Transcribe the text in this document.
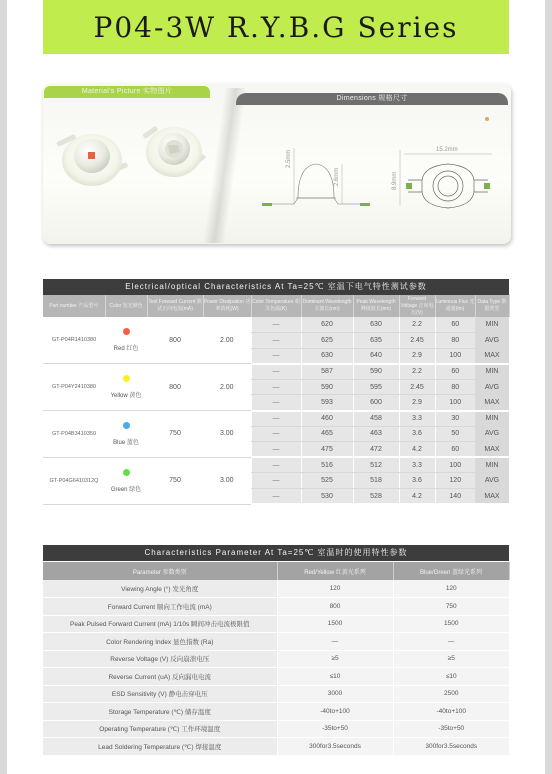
P04-3W R.Y.B.G Series
Material's Picture 实物图片
Dimensions 规格尺寸
2.5mm
2.6mm	8.9mm
15.2mm
Electrical/optical Characteristics At Ta=25℃ 室温下电气特性测试参数
Part number 产品型号	Color 发光颜色	Test Forward Current 测试正向电流(mA)	Power Dissipation 功率消耗(W)	Color Temperature 相关色温(K)	Dominant Wavelength 主波长(nm)	Peak Wavelength 峰值波长(nm)	Forward Voltage 正向电压(V)	Luminous Flux 光通量(lm)	Data Type 数据类型
GT-P04R1410380	Red 红色	800	2.00	—	620	630	2.2	60	MIN
				—	625	635	2.45	80	AVG
				—	630	640	2.9	100	MAX
GT-P04Y2410380	Yellow 黄色	800	2.00	—	587	590	2.2	60	MIN
				—	590	595	2.45	80	AVG
				—	593	600	2.9	100	MAX
GT-P04B3410350	Blue 蓝色	750	3.00	—	460	458	3.3	30	MIN
				—	465	463	3.6	50	AVG
				—	475	472	4.2	60	MAX
GT-P04G6410312Q	Green 绿色	750	3.00	—	516	512	3.3	100	MIN
				—	525	518	3.6	120	AVG
				—	530	528	4.2	140	MAX
Characteristics Parameter At Ta=25℃ 室温时的使用特性参数
Parameter 参数类别	Red/Yellow 红黄光系列	Blue/Green 蓝绿光系列
Viewing Angle (°) 发光角度	120	120
Forward Current 顺向工作电流 (mA)	800	750
Peak Pulsed Forward Current (mA) 1/10s 瞬间冲击电流极限值	1500	1500
Color Rendering Index 显色指数 (Ra)	—	—
Reverse Voltage (V) 反向崩溃电压	≥5	≥5
Reverse Current (uA) 反向漏电电流	≤10	≤10
ESD Sensitivity (V) 静电击穿电压	3000	2500
Storage Temperature (℃) 储存温度	-40to+100	-40to+100
Operating Temperature (℃) 工作环境温度	-35to+50	-35to+50
Lead Soldering Temperature (℃) 焊接温度	300for3.5seconds	300for3.5seconds
